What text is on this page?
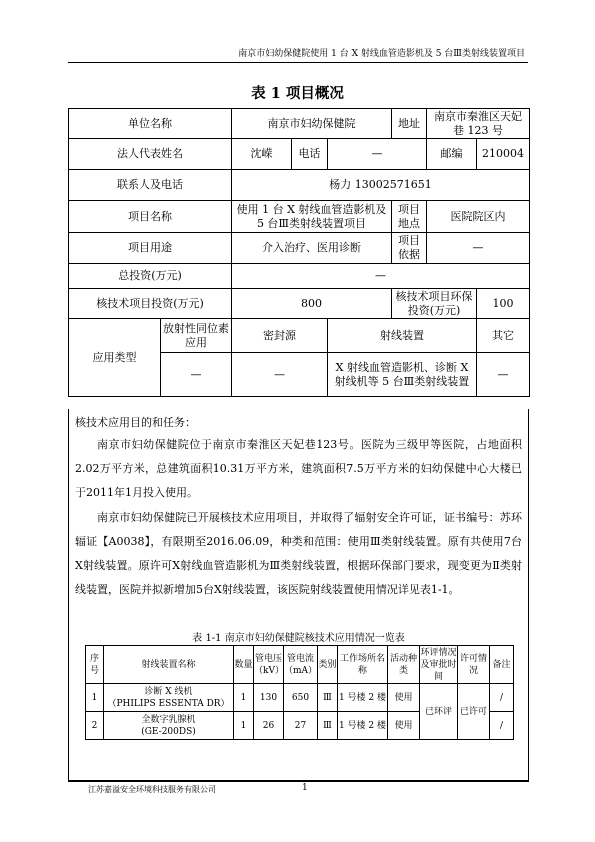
南京市妇幼保健院使用 1 台 X 射线血管造影机及 5 台Ⅲ类射线装置项目
表 1 项目概况
单位名称		南京市妇幼保健院			地址	南京市秦淮区天妃巷 123 号	
法人代表姓名		沈嵘	电话	—		邮编	210004
联系人及电话		杨力 13002571651					
项目名称		使用 1 台 X 射线血管造影机及 5 台Ⅲ类射线装置项目			项目地点	医院院区内	
项目用途		介入治疗、医用诊断			项目依据	—	
总投资(万元)		—					
核技术项目投资(万元)		800			核技术项目环保投资(万元)		100
应用类型	放射性同位素应用	密封源		射线装置			其它
	—	—		X 射线血管造影机、诊断 X 射线机等 5 台Ⅲ类射线装置			—
核技术应用目的和任务：

南京市妇幼保健院位于南京市秦淮区天妃巷123号。医院为三级甲等医院，占地面积2.02万平方米，总建筑面积10.31万平方米，建筑面积7.5万平方米的妇幼保健中心大楼已于2011年1月投入使用。

南京市妇幼保健院已开展核技术应用项目，并取得了辐射安全许可证，证书编号：苏环辐证【A0038】，有限期至2016.06.09，种类和范围：使用Ⅲ类射线装置。原有共使用7台X射线装置。原许可X射线血管造影机为Ⅲ类射线装置，根据环保部门要求，现变更为Ⅱ类射线装置，医院并拟新增加5台X射线装置，该医院射线装置使用情况详见表1-1。

表 1-1 南京市妇幼保健院核技术应用情况一览表
序号	射线装置名称	数量	管电压（kV）	管电流（mA）	类别	工作场所名称	活动种类	环评情况及审批时间	许可情况	备注
1	诊断 X 线机
（PHILIPS ESSENTA DR）	1	130	650	Ⅲ	1 号楼 2 楼	使用	已环评	已许可	/
2	全数字乳腺机
(GE-200DS)	1	26	27	Ⅲ	1 号楼 2 楼	使用			/
江苏嘉溢安全环境科技服务有限公司	1
